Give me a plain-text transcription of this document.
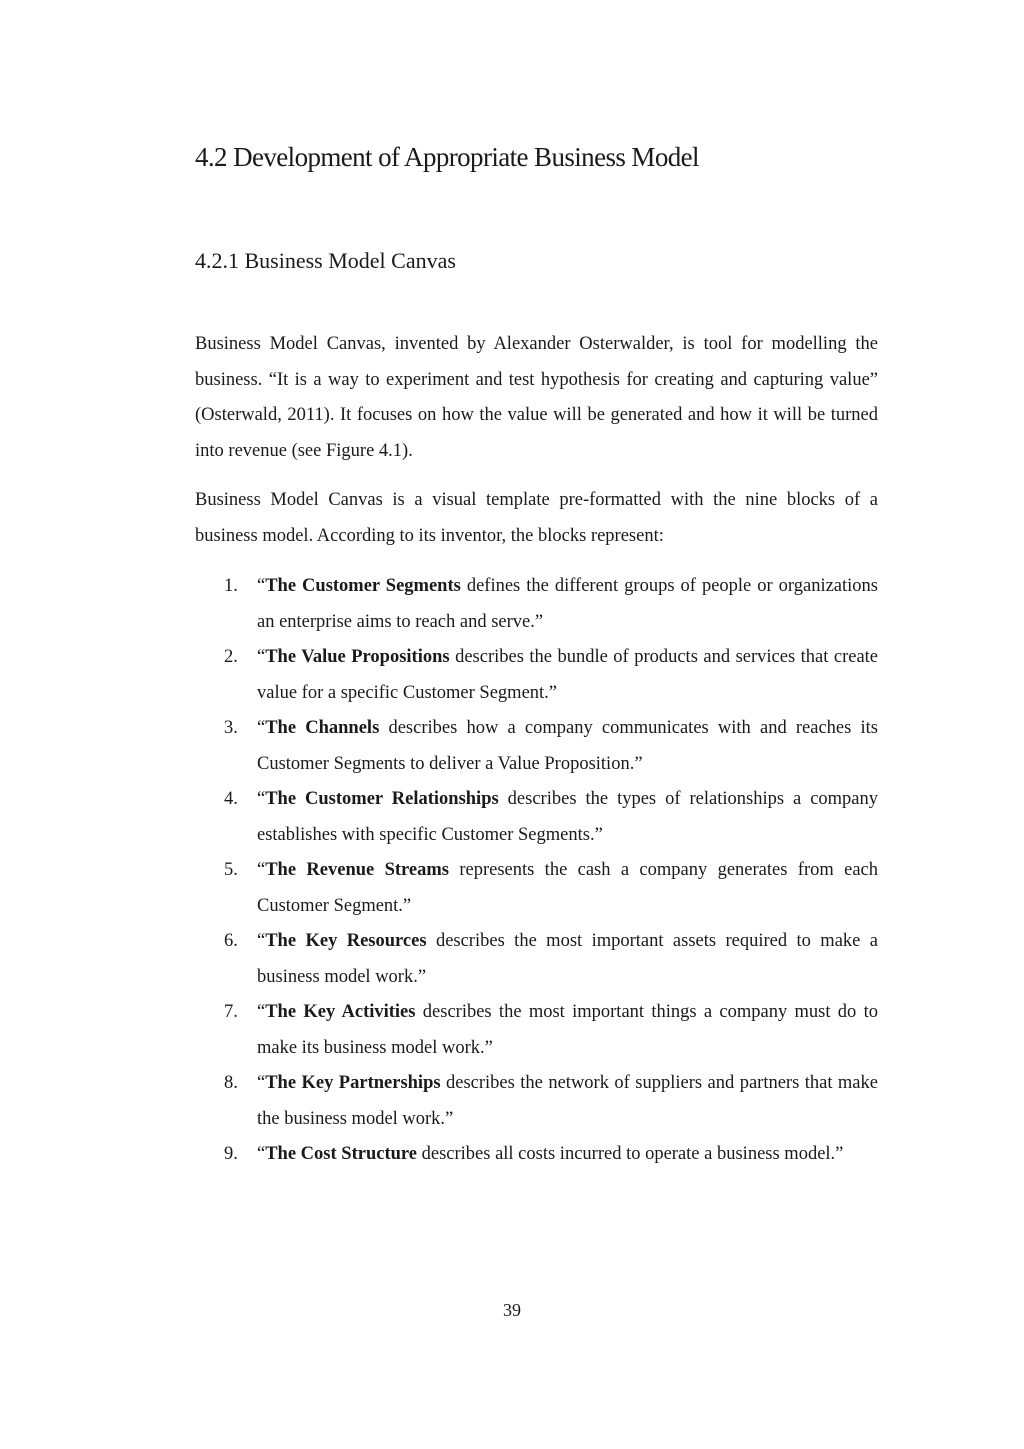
4.2 Development of Appropriate Business Model
4.2.1 Business Model Canvas

Business Model Canvas, invented by Alexander Osterwalder, is tool for modelling the business. “It is a way to experiment and test hypothesis for creating and capturing value” (Osterwald, 2011). It focuses on how the value will be generated and how it will be turned into revenue (see Figure 4.1).

Business Model Canvas is a visual template pre-formatted with the nine blocks of a business model. According to its inventor, the blocks represent:

1. “The Customer Segments defines the different groups of people or organizations an enterprise aims to reach and serve.”
2. “The Value Propositions describes the bundle of products and services that create value for a specific Customer Segment.”
3. “The Channels describes how a company communicates with and reaches its Customer Segments to deliver a Value Proposition.”
4. “The Customer Relationships describes the types of relationships a company establishes with specific Customer Segments.”
5. “The Revenue Streams represents the cash a company generates from each Customer Segment.”
6. “The Key Resources describes the most important assets required to make a business model work.”
7. “The Key Activities describes the most important things a company must do to make its business model work.”
8. “The Key Partnerships describes the network of suppliers and partners that make the business model work.”
9. “The Cost Structure describes all costs incurred to operate a business model.”
39
